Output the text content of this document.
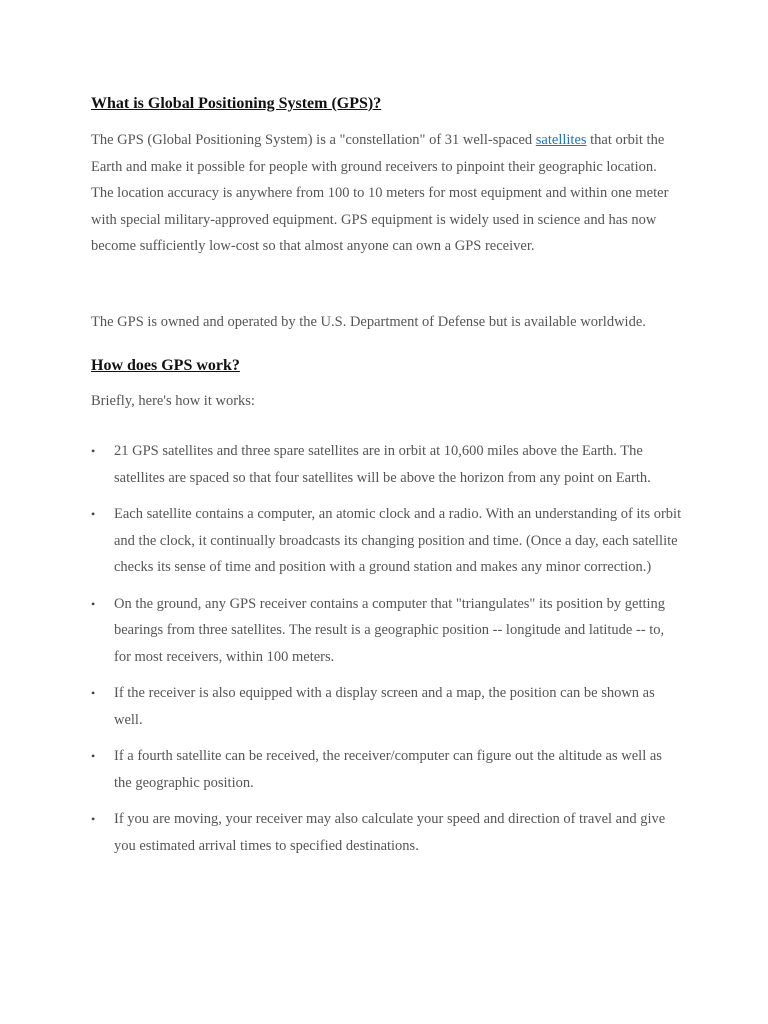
What is Global Positioning System (GPS)?

The GPS (Global Positioning System) is a "constellation" of 31 well-spaced satellites that orbit the Earth and make it possible for people with ground receivers to pinpoint their geographic location. The location accuracy is anywhere from 100 to 10 meters for most equipment and within one meter with special military-approved equipment. GPS equipment is widely used in science and has now become sufficiently low-cost so that almost anyone can own a GPS receiver.

The GPS is owned and operated by the U.S. Department of Defense but is available worldwide.

How does GPS work?

Briefly, here's how it works:

• 21 GPS satellites and three spare satellites are in orbit at 10,600 miles above the Earth. The satellites are spaced so that four satellites will be above the horizon from any point on Earth.
• Each satellite contains a computer, an atomic clock and a radio. With an understanding of its orbit and the clock, it continually broadcasts its changing position and time. (Once a day, each satellite checks its sense of time and position with a ground station and makes any minor correction.)
• On the ground, any GPS receiver contains a computer that "triangulates" its position by getting bearings from three satellites. The result is a geographic position -- longitude and latitude -- to, for most receivers, within 100 meters.
• If the receiver is also equipped with a display screen and a map, the position can be shown as well.
• If a fourth satellite can be received, the receiver/computer can figure out the altitude as well as the geographic position.
• If you are moving, your receiver may also calculate your speed and direction of travel and give you estimated arrival times to specified destinations.
